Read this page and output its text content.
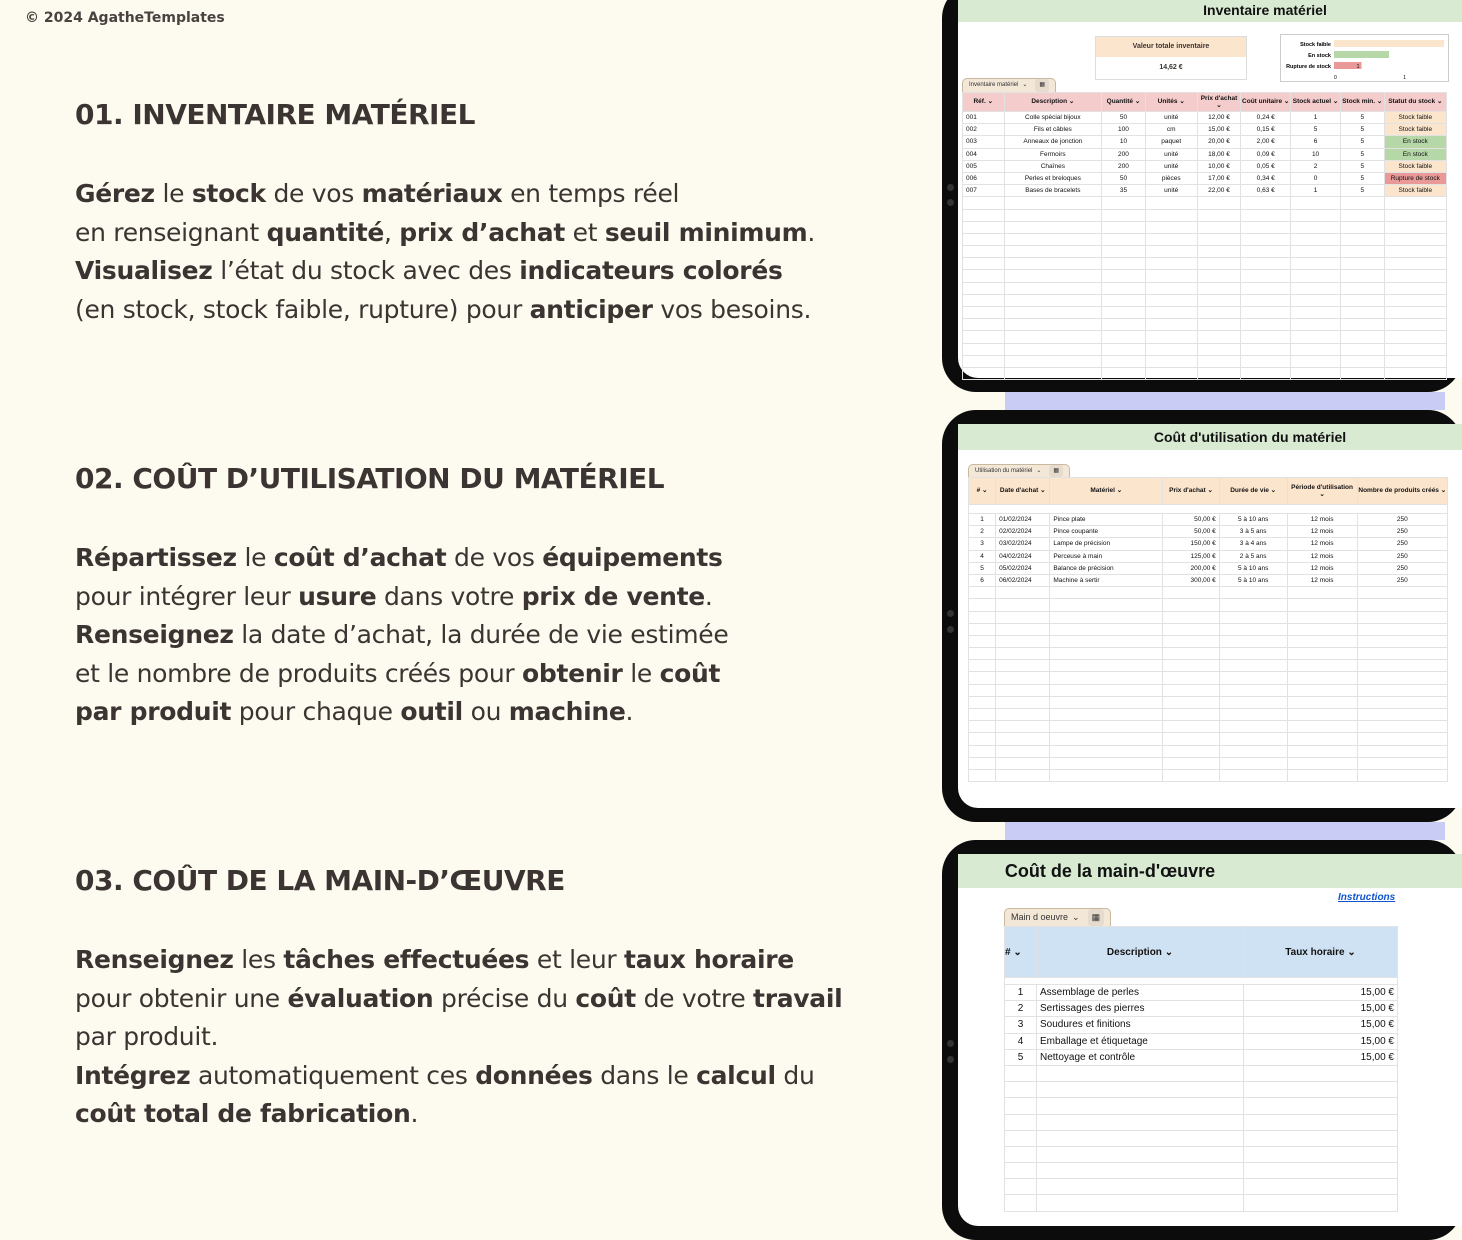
© 2024 AgatheTemplates
01. INVENTAIRE MATÉRIEL
Gérez le stock de vos matériaux en temps réel
en renseignant quantité, prix d’achat et seuil minimum.
Visualisez l’état du stock avec des indicateurs colorés
(en stock, stock faible, rupture) pour anticiper vos besoins.
02. COÛT D’UTILISATION DU MATÉRIEL
Répartissez le coût d’achat de vos équipements
pour intégrer leur usure dans votre prix de vente.
Renseignez la date d’achat, la durée de vie estimée
et le nombre de produits créés pour obtenir le coût
par produit pour chaque outil ou machine.
03. COÛT DE LA MAIN-D’ŒUVRE
Renseignez les tâches effectuées et leur taux horaire
pour obtenir une évaluation précise du coût de votre travail
par produit.
Intégrez automatiquement ces données dans le calcul du
coût total de fabrication.
Inventaire matériel
Valeur totale inventaire
14,62 €
Stock faible
En stock
Rupture de stock	1
0	1
Inventaire matériel ⌄ ▦
Réf. ⌄	Description ⌄	Quantité ⌄	Unités ⌄	Prix d'achat ⌄	Coût unitaire ⌄	Stock actuel ⌄	Stock min. ⌄	Statut du stock ⌄
001	Colle spécial bijoux	50	unité	12,00 €	0,24 €	1	5	Stock faible
002	Fils et câbles	100	cm	15,00 €	0,15 €	5	5	Stock faible
003	Anneaux de jonction	10	paquet	20,00 €	2,00 €	6	5	En stock
004	Fermoirs	200	unité	18,00 €	0,09 €	10	5	En stock
005	Chaînes	200	unité	10,00 €	0,05 €	2	5	Stock faible
006	Perles et breloques	50	pièces	17,00 €	0,34 €	0	5	Rupture de stock
007	Bases de bracelets	35	unité	22,00 €	0,63 €	1	5	Stock faible

Coût d'utilisation du matériel
Utilisation du matériel ⌄ ▦
# ⌄	Date d'achat ⌄	Matériel ⌄	Prix d'achat ⌄	Durée de vie ⌄	Période d'utilisation ⌄	Nombre de produits créés ⌄

1	01/02/2024	Pince plate	50,00 €	5 à 10 ans	12 mois	250
2	02/02/2024	Pince coupante	50,00 €	3 à 5 ans	12 mois	250
3	03/02/2024	Lampe de précision	150,00 €	3 à 4 ans	12 mois	250
4	04/02/2024	Perceuse à main	125,00 €	2 à 5 ans	12 mois	250
5	05/02/2024	Balance de précision	200,00 €	5 à 10 ans	12 mois	250
6	06/02/2024	Machine à sertir	300,00 €	5 à 10 ans	12 mois	250

Coût de la main-d'œuvre
Instructions
Main d oeuvre ⌄ ▦
# ⌄	Description ⌄	Taux horaire ⌄

1	Assemblage de perles	15,00 €
2	Sertissages des pierres	15,00 €
3	Soudures et finitions	15,00 €
4	Emballage et étiquetage	15,00 €
5	Nettoyage et contrôle	15,00 €
